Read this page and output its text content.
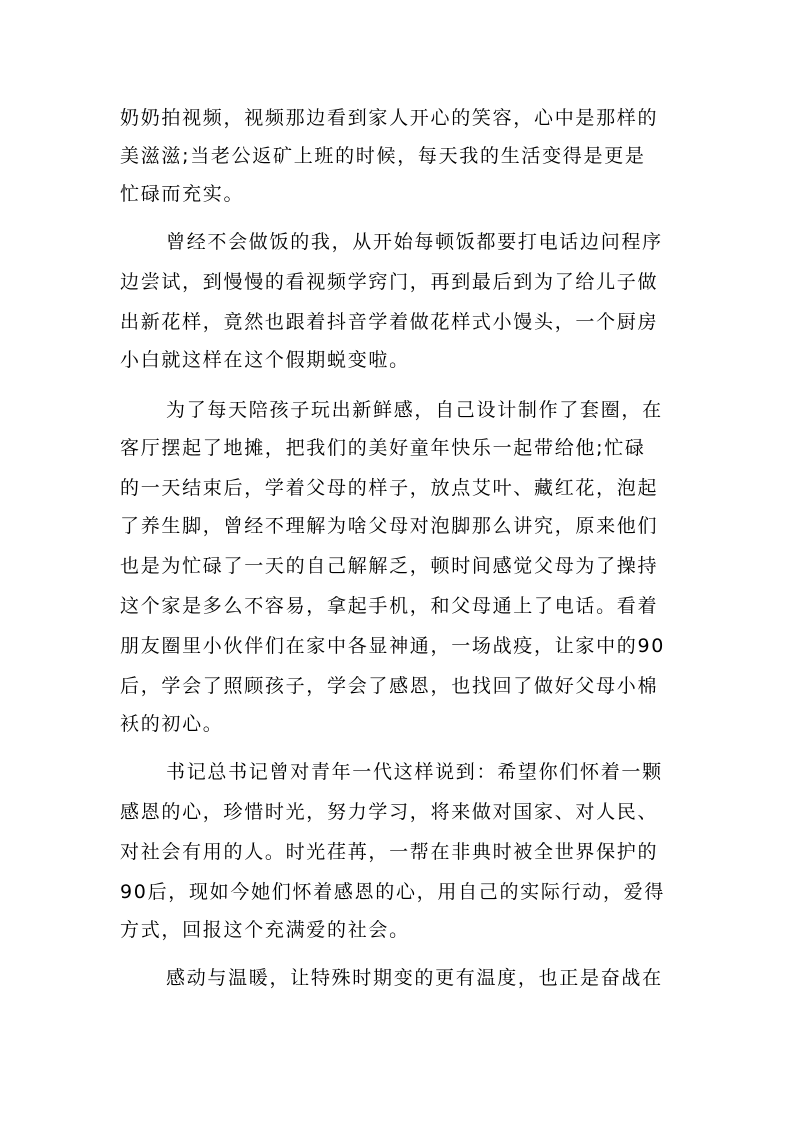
奶奶拍视频，视频那边看到家人开心的笑容，心中是那样的
美滋滋;当老公返矿上班的时候，每天我的生活变得是更是
忙碌而充实。
曾经不会做饭的我，从开始每顿饭都要打电话边问程序
边尝试，到慢慢的看视频学窍门，再到最后到为了给儿子做
出新花样，竟然也跟着抖音学着做花样式小馒头，一个厨房
小白就这样在这个假期蜕变啦。
为了每天陪孩子玩出新鲜感，自己设计制作了套圈，在
客厅摆起了地摊，把我们的美好童年快乐一起带给他;忙碌
的一天结束后，学着父母的样子，放点艾叶、藏红花，泡起
了养生脚，曾经不理解为啥父母对泡脚那么讲究，原来他们
也是为忙碌了一天的自己解解乏，顿时间感觉父母为了操持
这个家是多么不容易，拿起手机，和父母通上了电话。看着
朋友圈里小伙伴们在家中各显神通，一场战疫，让家中的90
后，学会了照顾孩子，学会了感恩，也找回了做好父母小棉
袄的初心。
书记总书记曾对青年一代这样说到：希望你们怀着一颗
感恩的心，珍惜时光，努力学习，将来做对国家、对人民、
对社会有用的人。时光荏苒，一帮在非典时被全世界保护的
90后，现如今她们怀着感恩的心，用自己的实际行动，爱得
方式，回报这个充满爱的社会。
感动与温暖，让特殊时期变的更有温度，也正是奋战在
